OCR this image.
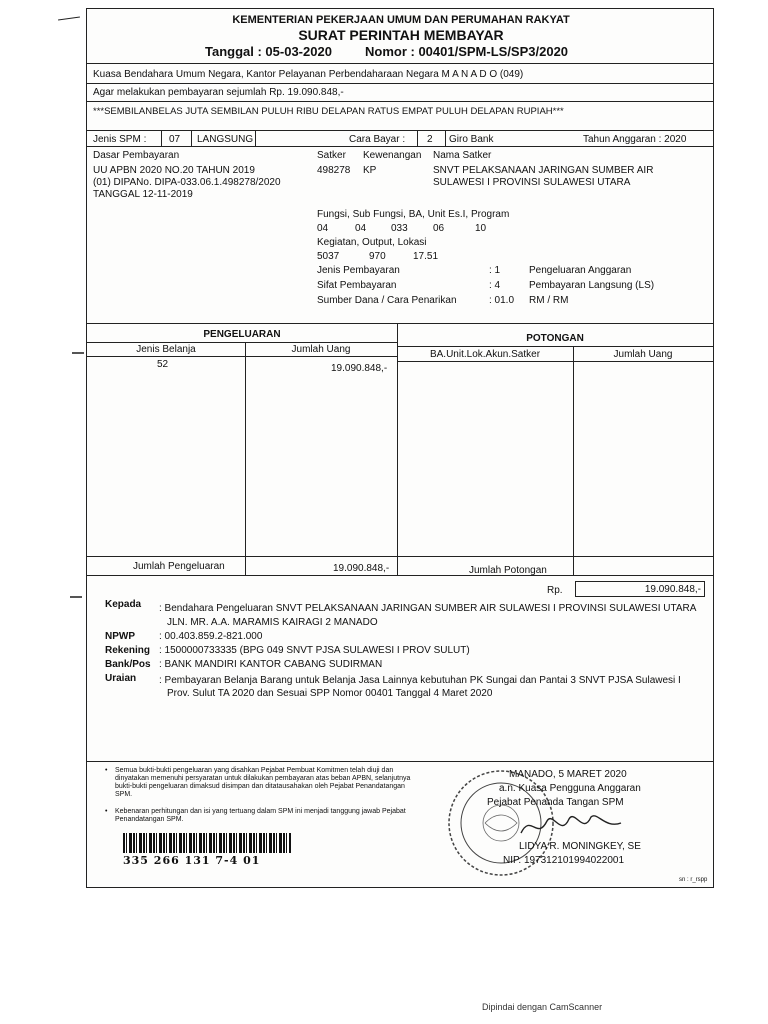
KEMENTERIAN PEKERJAAN UMUM DAN PERUMAHAN RAKYAT
SURAT PERINTAH MEMBAYAR
Tanggal : 05-03-2020	Nomor : 00401/SPM-LS/SP3/2020
Kuasa Bendahara Umum Negara, Kantor Pelayanan Perbendaharaan Negara M A N A D O (049)
Agar melakukan pembayaran sejumlah Rp. 19.090.848,-
***SEMBILANBELAS JUTA SEMBILAN PULUH RIBU DELAPAN RATUS EMPAT PULUH DELAPAN RUPIAH***
Jenis SPM : 07 LANGSUNG	Cara Bayar : 2 Giro Bank	Tahun Anggaran : 2020
Dasar Pembayaran
UU APBN 2020 NO.20 TAHUN 2019
(01) DIPANo. DIPA-033.06.1.498278/2020
TANGGAL 12-11-2019
Satker Kewenangan Nama Satker
498278 KP	SNVT PELAKSANAAN JARINGAN SUMBER AIR
SULAWESI I PROVINSI SULAWESI UTARA
Fungsi, Sub Fungsi, BA, Unit Es.I, Program
04	04 033	06	10
Kegiatan, Output, Lokasi
5037	970	17.51
Jenis Pembayaran	: 1	Pengeluaran Anggaran
Sifat Pembayaran	: 4	Pembayaran Langsung (LS)
Sumber Dana / Cara Penarikan	: 01.0 RM / RM
PENGELUARAN	POTONGAN
Jenis Belanja	Jumlah Uang	BA.Unit.Lok.Akun.Satker	Jumlah Uang
52	19.090.848,-
Jumlah Pengeluaran	19.090.848,-	Jumlah Potongan
Rp.	19.090.848,-
Kepada : Bendahara Pengeluaran SNVT PELAKSANAAN JARINGAN SUMBER AIR SULAWESI I PROVINSI SULAWESI UTARA
JLN. MR. A.A. MARAMIS KAIRAGI 2 MANADO
NPWP : 00.403.859.2-821.000
Rekening : 1500000733335 (BPG 049 SNVT PJSA SULAWESI I PROV SULUT)
Bank/Pos : BANK MANDIRI KANTOR CABANG SUDIRMAN
Uraian : Pembayaran Belanja Barang untuk Belanja Jasa Lainnya kebutuhan PK Sungai dan Pantai 3 SNVT PJSA Sulawesi I
Prov. Sulut TA 2020 dan Sesuai SPP Nomor 00401 Tanggal 4 Maret 2020
• Semua bukti-bukti pengeluaran yang disahkan Pejabat Pembuat Komitmen telah diuji dan dinyatakan memenuhi persyaratan untuk dilakukan pembayaran atas beban APBN, selanjutnya bukti-bukti pengeluaran dimaksud disimpan dan ditatausahakan oleh Pejabat Penandatangan SPM.
• Kebenaran perhitungan dan isi yang tertuang dalam SPM ini menjadi tanggung jawab Pejabat Penandatangan SPM.
335 266 131 7-4 01
MANADO, 5 MARET 2020
a.n. Kuasa Pengguna Anggaran
Pejabat Penanda Tangan SPM
LIDYA R. MONINGKEY, SE
NIP. 197312101994022001
sn : r_rspp
Dipindai dengan CamScanner
